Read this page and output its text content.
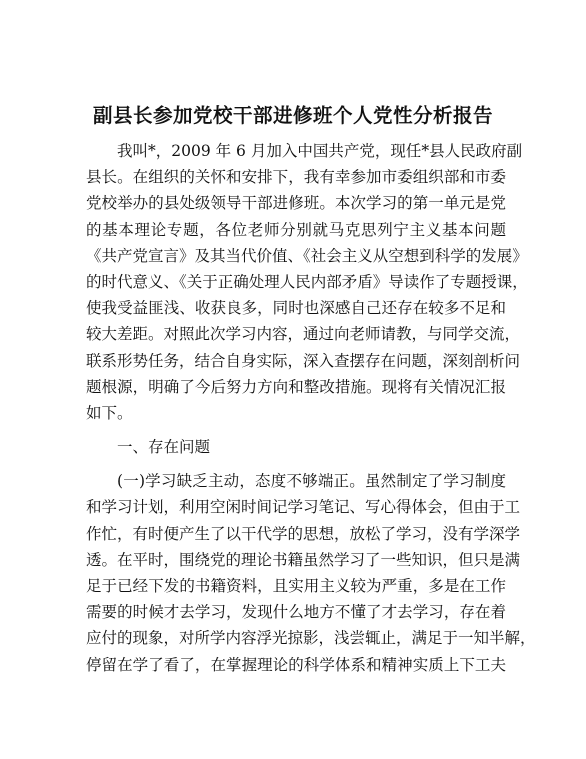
副县长参加党校干部进修班个人党性分析报告
我叫*，2009 年 6 月加入中国共产党，现任*县人民政府副
县长。在组织的关怀和安排下，我有幸参加市委组织部和市委
党校举办的县处级领导干部进修班。本次学习的第一单元是党
的基本理论专题，各位老师分别就马克思列宁主义基本问题
《共产党宣言》及其当代价值、《社会主义从空想到科学的发展》
的时代意义、《关于正确处理人民内部矛盾》导读作了专题授课，
使我受益匪浅、收获良多，同时也深感自己还存在较多不足和
较大差距。对照此次学习内容，通过向老师请教，与同学交流，
联系形势任务，结合自身实际，深入查摆存在问题，深刻剖析问
题根源，明确了今后努力方向和整改措施。现将有关情况汇报
如下。
一、存在问题
(一)学习缺乏主动，态度不够端正。虽然制定了学习制度
和学习计划，利用空闲时间记学习笔记、写心得体会，但由于工
作忙，有时便产生了以干代学的思想，放松了学习，没有学深学
透。在平时，围绕党的理论书籍虽然学习了一些知识，但只是满
足于已经下发的书籍资料，且实用主义较为严重，多是在工作
需要的时候才去学习，发现什么地方不懂了才去学习，存在着
应付的现象，对所学内容浮光掠影，浅尝辄止，满足于一知半解，
停留在学了看了，在掌握理论的科学体系和精神实质上下工夫
